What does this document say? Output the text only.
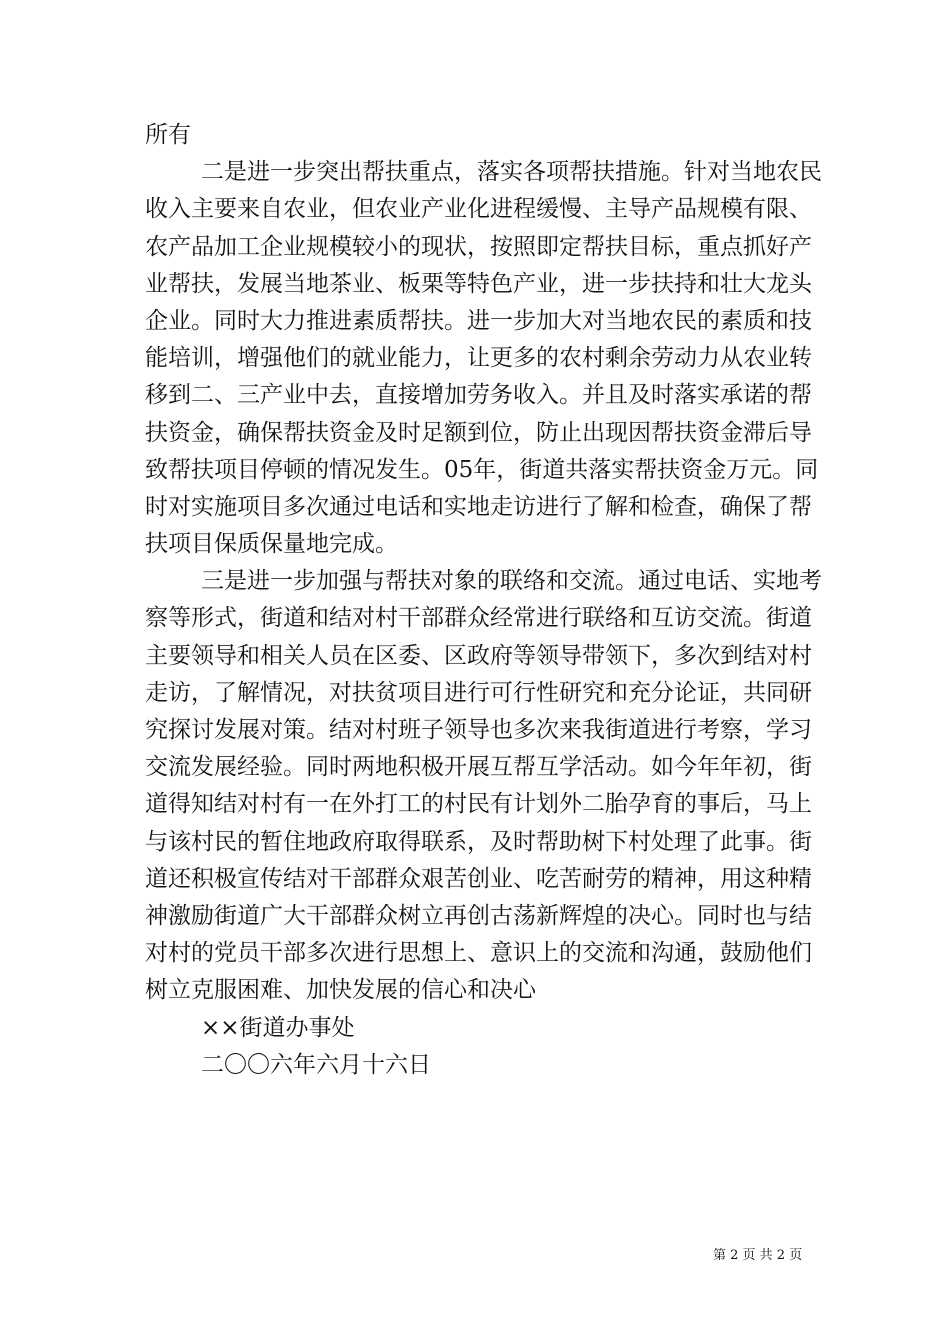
所有
二是进一步突出帮扶重点，落实各项帮扶措施。针对当地农民
收入主要来自农业，但农业产业化进程缓慢、主导产品规模有限、
农产品加工企业规模较小的现状，按照即定帮扶目标，重点抓好产
业帮扶，发展当地茶业、板栗等特色产业，进一步扶持和壮大龙头
企业。同时大力推进素质帮扶。进一步加大对当地农民的素质和技
能培训，增强他们的就业能力，让更多的农村剩余劳动力从农业转
移到二、三产业中去，直接增加劳务收入。并且及时落实承诺的帮
扶资金，确保帮扶资金及时足额到位，防止出现因帮扶资金滞后导
致帮扶项目停顿的情况发生。05年，街道共落实帮扶资金万元。同
时对实施项目多次通过电话和实地走访进行了解和检查，确保了帮
扶项目保质保量地完成。
三是进一步加强与帮扶对象的联络和交流。通过电话、实地考
察等形式，街道和结对村干部群众经常进行联络和互访交流。街道
主要领导和相关人员在区委、区政府等领导带领下，多次到结对村
走访，了解情况，对扶贫项目进行可行性研究和充分论证，共同研
究探讨发展对策。结对村班子领导也多次来我街道进行考察，学习
交流发展经验。同时两地积极开展互帮互学活动。如今年年初，街
道得知结对村有一在外打工的村民有计划外二胎孕育的事后，马上
与该村民的暂住地政府取得联系，及时帮助树下村处理了此事。街
道还积极宣传结对干部群众艰苦创业、吃苦耐劳的精神，用这种精
神激励街道广大干部群众树立再创古荡新辉煌的决心。同时也与结
对村的党员干部多次进行思想上、意识上的交流和沟通，鼓励他们
树立克服困难、加快发展的信心和决心
××街道办事处
二〇〇六年六月十六日
第 2 页 共 2 页
